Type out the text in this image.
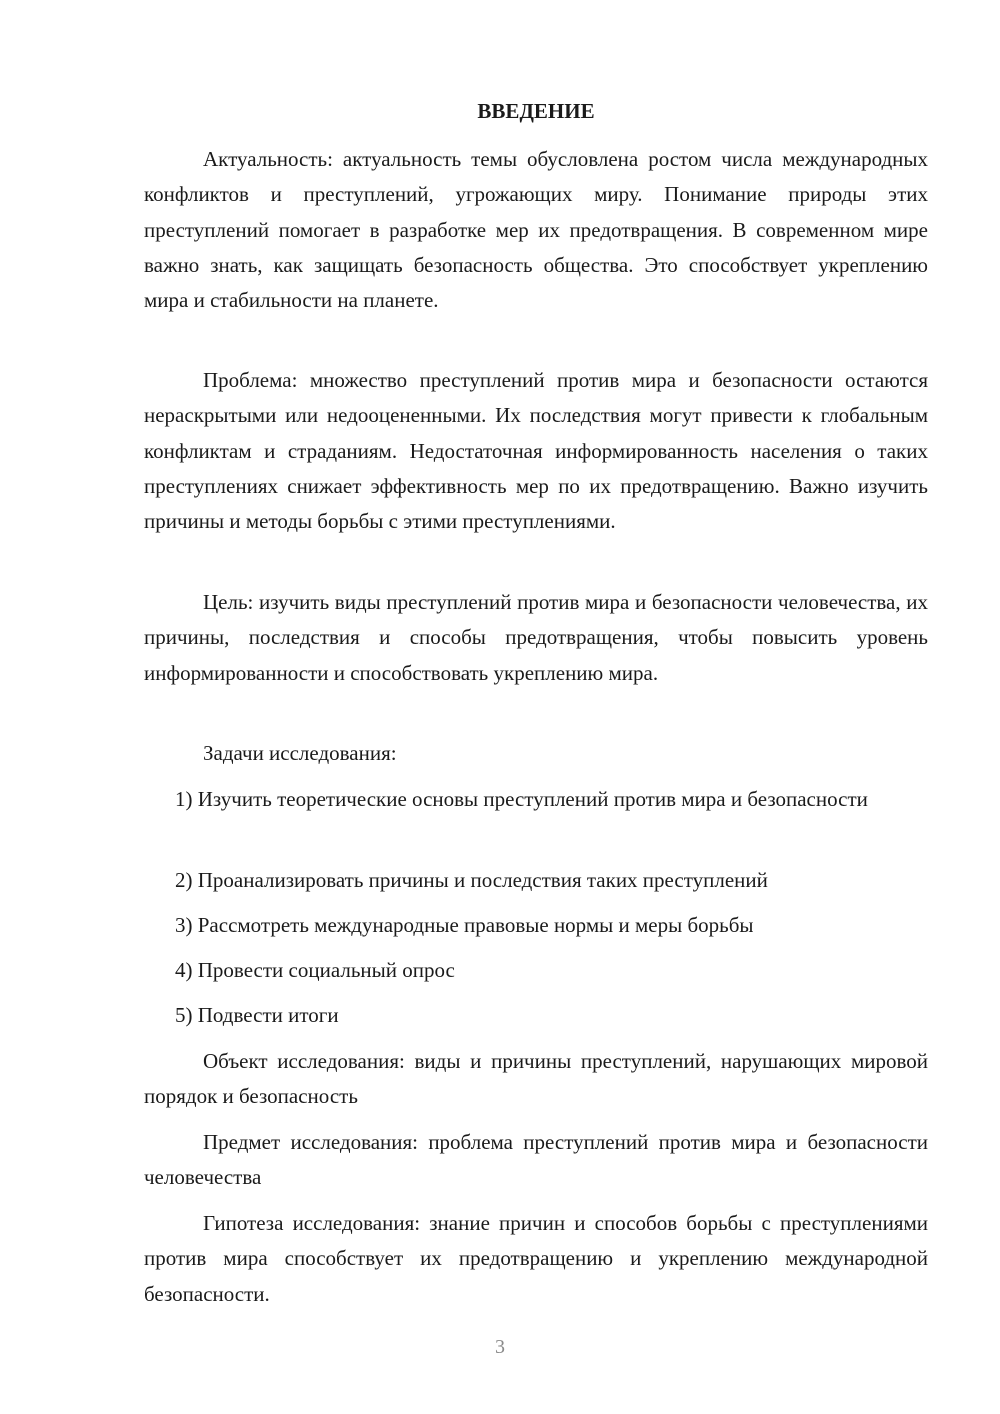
ВВЕДЕНИЕ

Актуальность: актуальность темы обусловлена ростом числа международных конфликтов и преступлений, угрожающих миру. Понимание природы этих преступлений помогает в разработке мер их предотвращения. В современном мире важно знать, как защищать безопасность общества. Это способствует укреплению мира и стабильности на планете.

Проблема: множество преступлений против мира и безопасности остаются нераскрытыми или недооцененными. Их последствия могут привести к глобальным конфликтам и страданиям. Недостаточная информированность населения о таких преступлениях снижает эффективность мер по их предотвращению. Важно изучить причины и методы борьбы с этими преступлениями.

Цель: изучить виды преступлений против мира и безопасности человечества, их причины, последствия и способы предотвращения, чтобы повысить уровень информированности и способствовать укреплению мира.

Задачи исследования:

1) Изучить теоретические основы преступлений против мира и безопасности

2) Проанализировать причины и последствия таких преступлений

3) Рассмотреть международные правовые нормы и меры борьбы

4) Провести социальный опрос

5) Подвести итоги

Объект исследования: виды и причины преступлений, нарушающих мировой порядок и безопасность

Предмет исследования: проблема преступлений против мира и безопасности человечества

Гипотеза исследования: знание причин и способов борьбы с преступлениями против мира способствует их предотвращению и укреплению международной безопасности.

3
